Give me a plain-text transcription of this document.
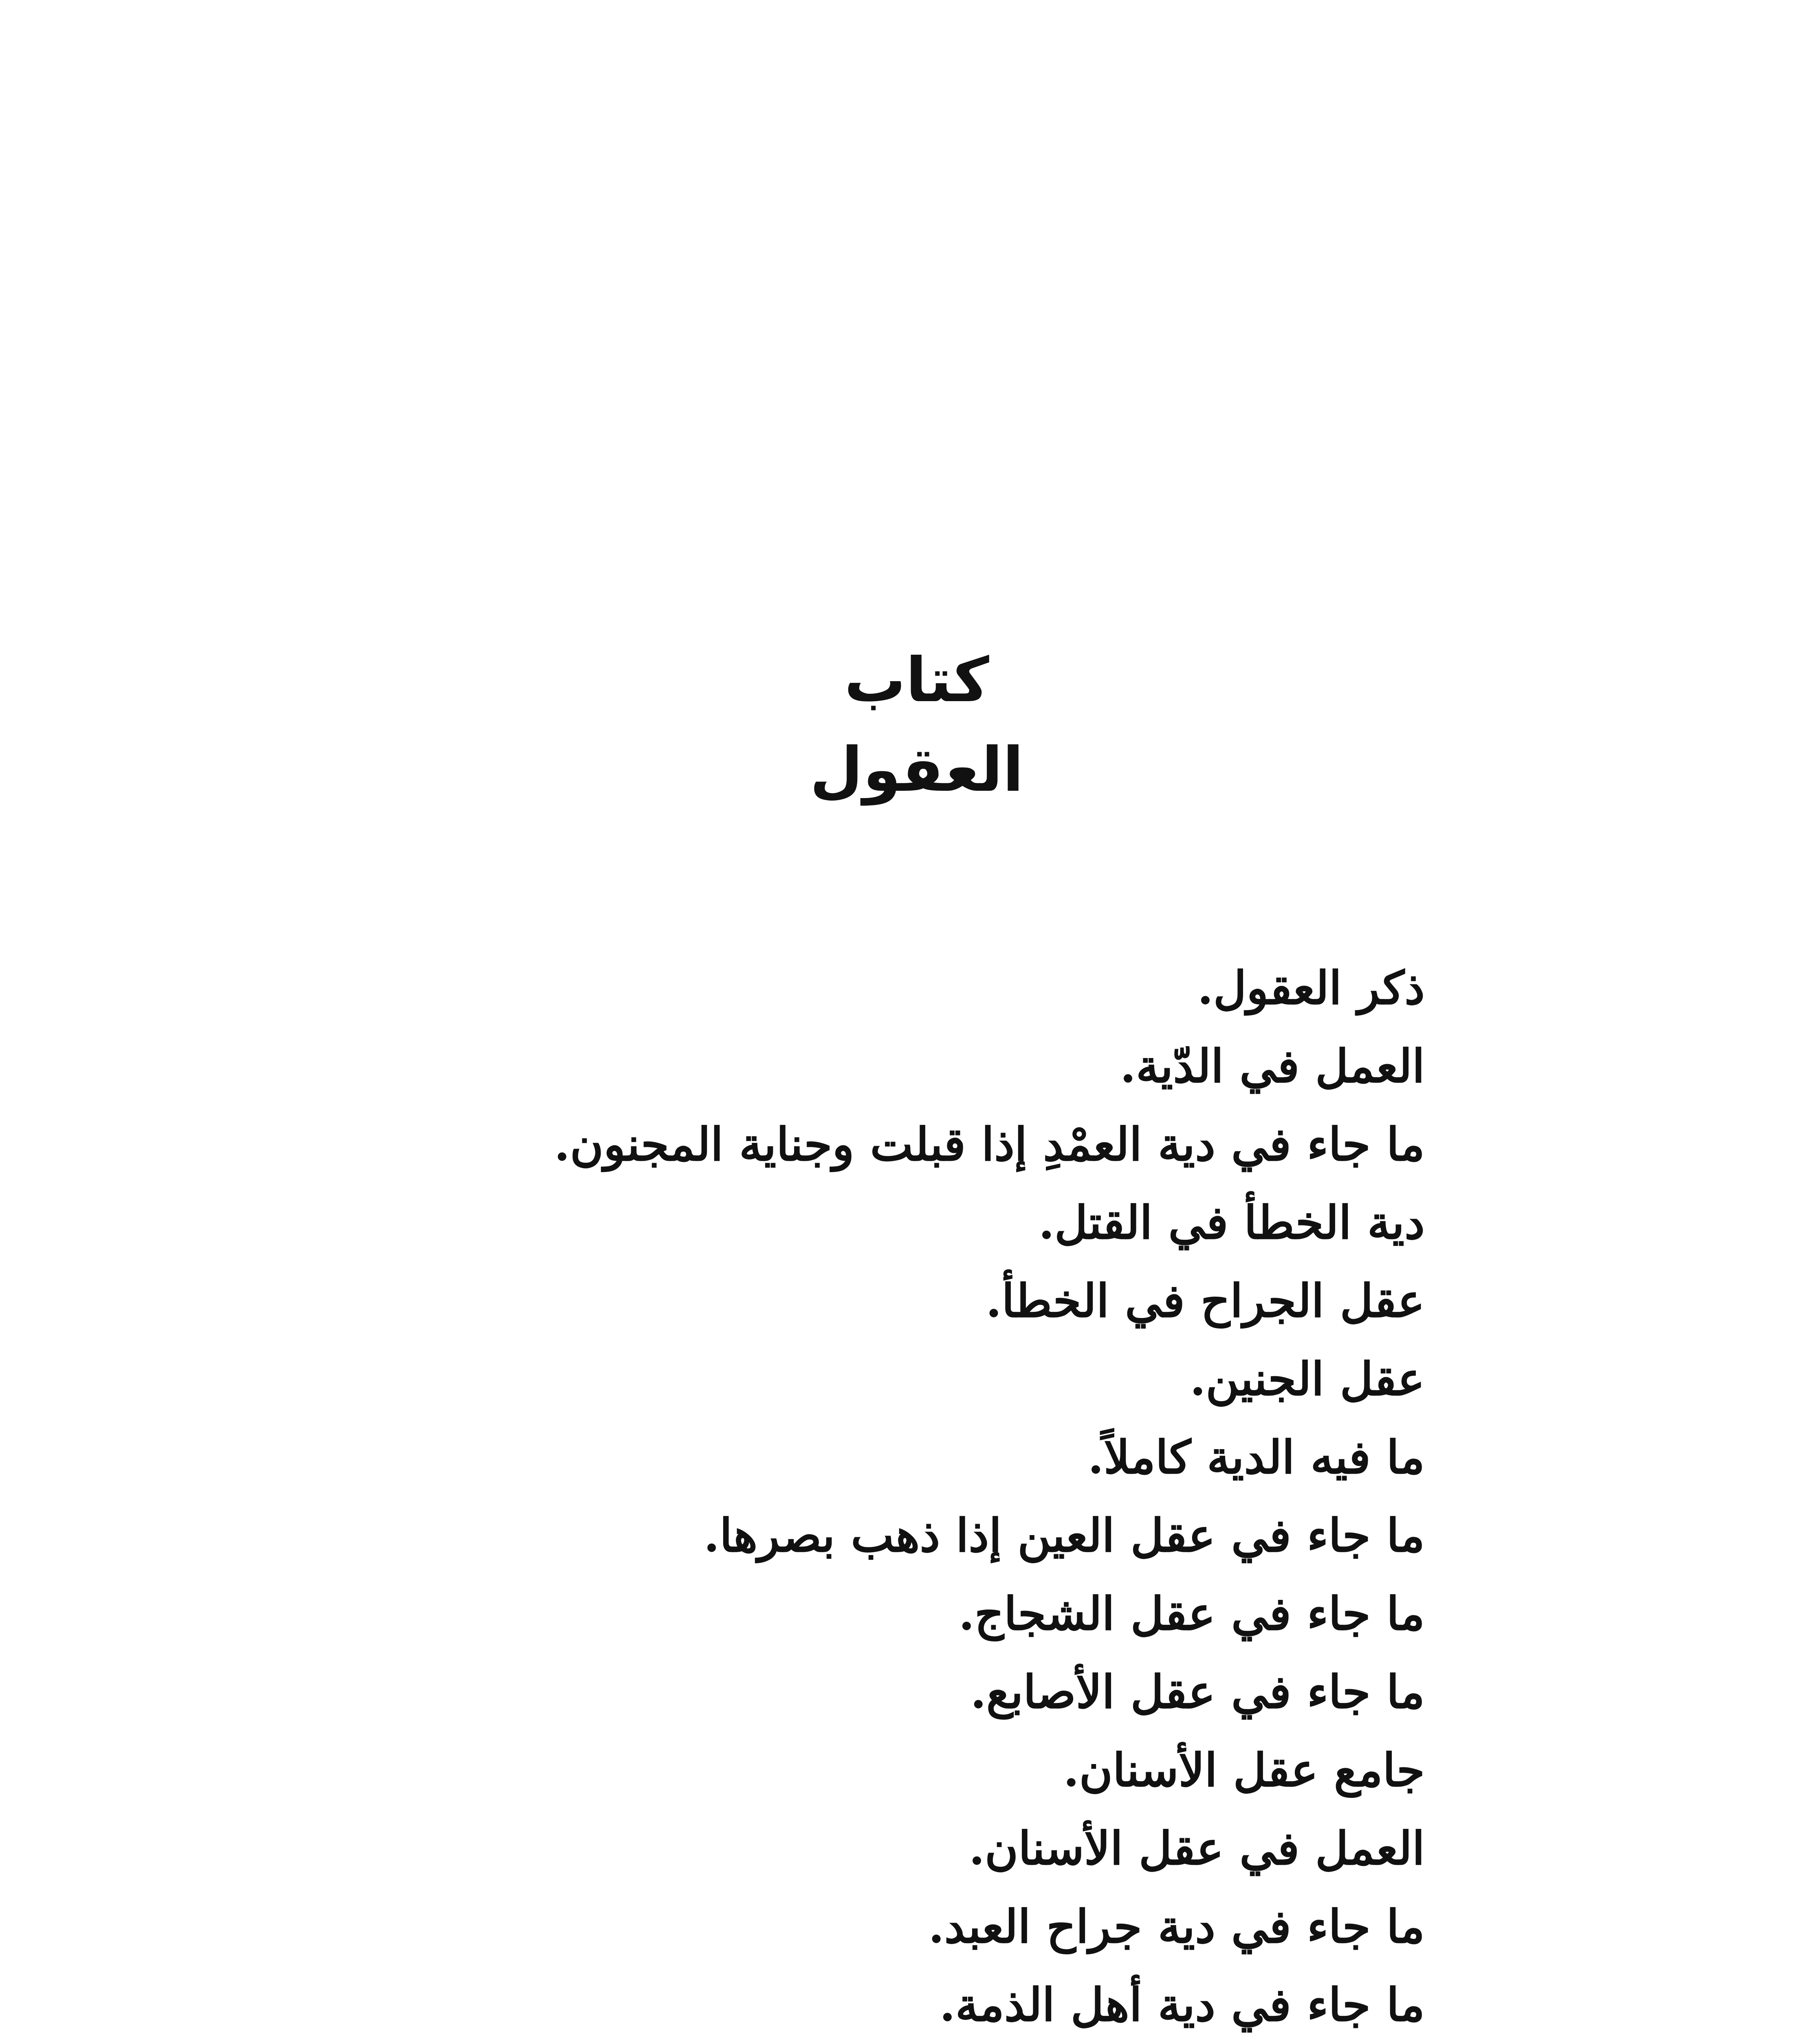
كتاب العقول
ذكر العقول.
العمل في الدّية.
ما جاء في دية العمْدِ إذا قبلت وجناية المجنون.
دية الخطأ في القتل.
عقل الجراح في الخطأ.
عقل الجنين.
ما فيه الدية كاملاً.
ما جاء في عقل العين إذا ذهب بصرها.
ما جاء في عقل الشجاج.
ما جاء في عقل الأصابع.
جامع عقل الأسنان.
العمل في عقل الأسنان.
ما جاء في دية جراح العبد.
ما جاء في دية أهل الذمة.
